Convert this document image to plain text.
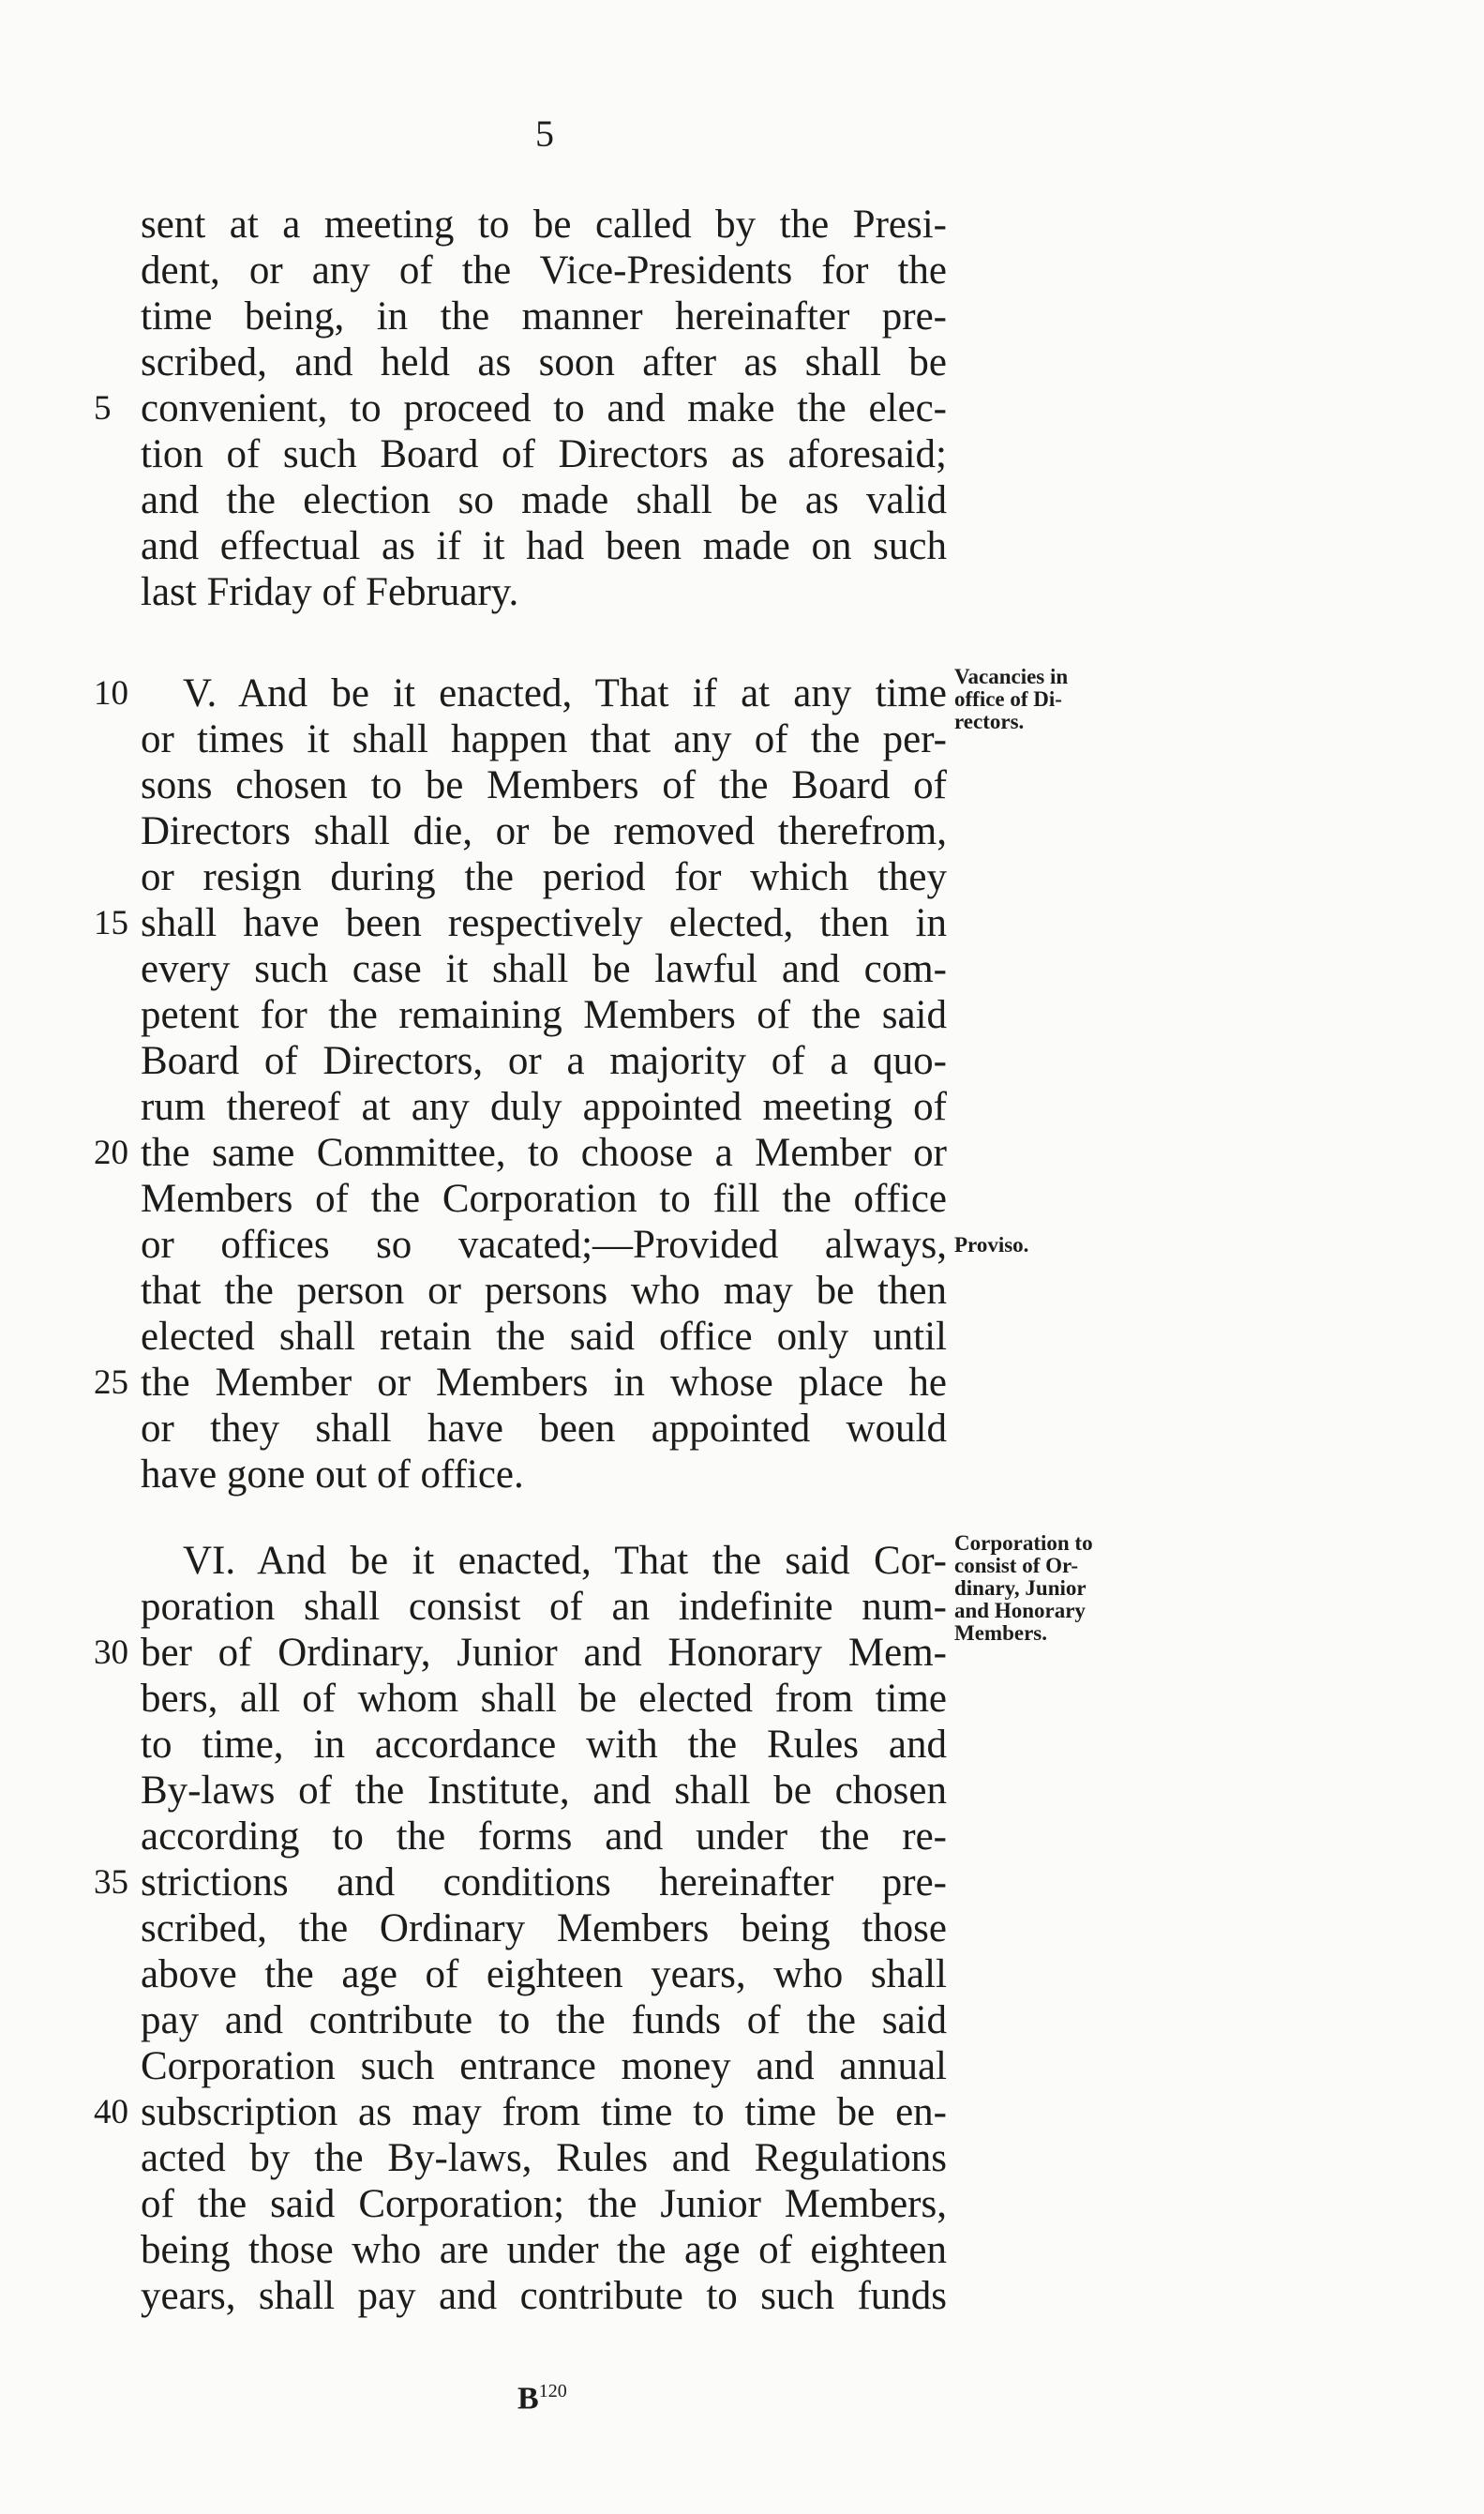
5
sent at a meeting to be called by the Presi-
dent, or any of the Vice-Presidents for the
time being, in the manner hereinafter pre-
scribed, and held as soon after as shall be
5 convenient, to proceed to and make the elec-
tion of such Board of Directors as aforesaid;
and the election so made shall be as valid
and effectual as if it had been made on such
last Friday of February.
10 V. And be it enacted, That if at any time
or times it shall happen that any of the per-
sons chosen to be Members of the Board of
Directors shall die, or be removed therefrom,
or resign during the period for which they
15 shall have been respectively elected, then in
every such case it shall be lawful and com-
petent for the remaining Members of the said
Board of Directors, or a majority of a quo-
rum thereof at any duly appointed meeting of
20 the same Committee, to choose a Member or
Members of the Corporation to fill the office
or offices so vacated;—Provided always,
that the person or persons who may be then
elected shall retain the said office only until
25 the Member or Members in whose place he
or they shall have been appointed would
have gone out of office.
VI. And be it enacted, That the said Cor-
poration shall consist of an indefinite num-
30 ber of Ordinary, Junior and Honorary Mem-
bers, all of whom shall be elected from time
to time, in accordance with the Rules and
By-laws of the Institute, and shall be chosen
according to the forms and under the re-
35 strictions and conditions hereinafter pre-
scribed, the Ordinary Members being those
above the age of eighteen years, who shall
pay and contribute to the funds of the said
Corporation such entrance money and annual
40 subscription as may from time to time be en-
acted by the By-laws, Rules and Regulations
of the said Corporation; the Junior Members,
being those who are under the age of eighteen
years, shall pay and contribute to such funds
Vacancies in
office of Di-
rectors.
Proviso.
Corporation to
consist of Or-
dinary, Junior
and Honorary
Members.
$B^{120}$
